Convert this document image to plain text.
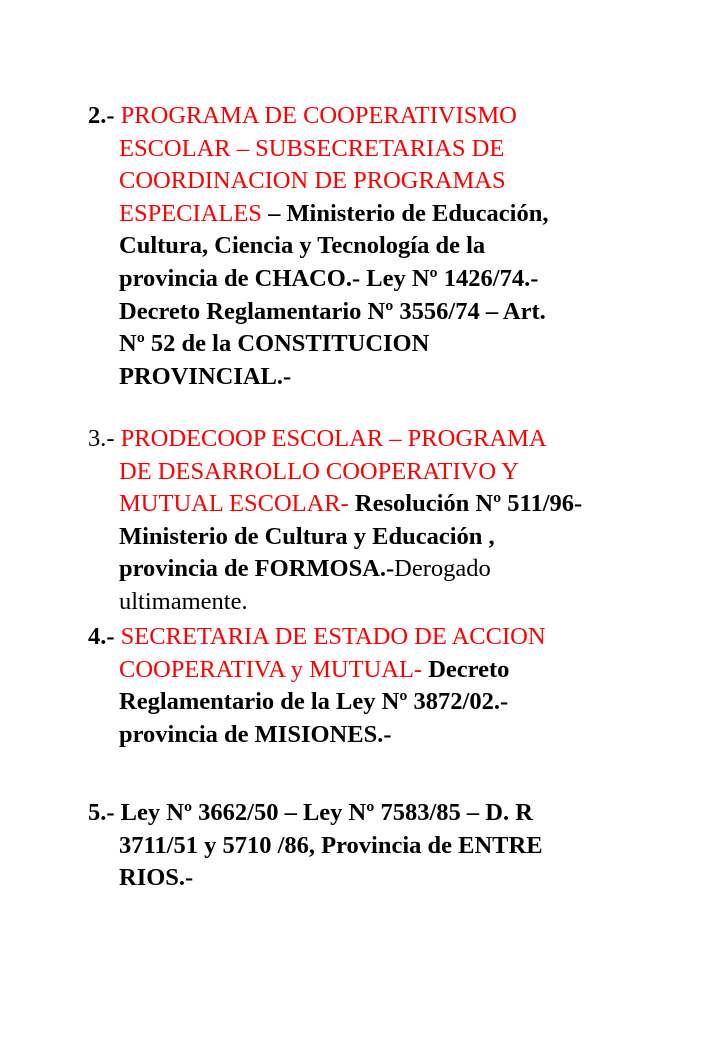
2.- PROGRAMA DE COOPERATIVISMO
ESCOLAR – SUBSECRETARIAS DE
COORDINACION DE PROGRAMAS
ESPECIALES – Ministerio de Educación,
Cultura, Ciencia y Tecnología de la
provincia de CHACO.- Ley Nº 1426/74.-
Decreto Reglamentario Nº 3556/74 – Art.
Nº 52 de la CONSTITUCION
PROVINCIAL.-
3.- PRODECOOP ESCOLAR – PROGRAMA
DE DESARROLLO COOPERATIVO Y
MUTUAL ESCOLAR- Resolución Nº 511/96-
Ministerio de Cultura y Educación ,
provincia de FORMOSA.-Derogado
ultimamente.
4.- SECRETARIA DE ESTADO DE ACCION
COOPERATIVA y MUTUAL- Decreto
Reglamentario de la Ley Nº 3872/02.-
provincia de MISIONES.-
5.- Ley Nº 3662/50 – Ley Nº 7583/85 – D. R
3711/51 y 5710 /86, Provincia de ENTRE
RIOS.-
